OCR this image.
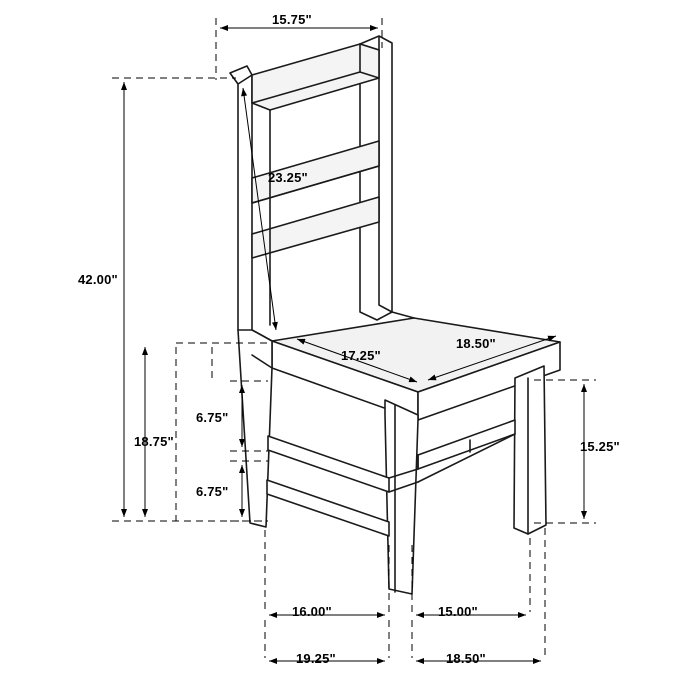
15.75"
23.25"
42.00"
17.25"
18.50"
18.75"
6.75"
6.75"
15.25"
16.00"	15.00"
19.25"	18.50"
